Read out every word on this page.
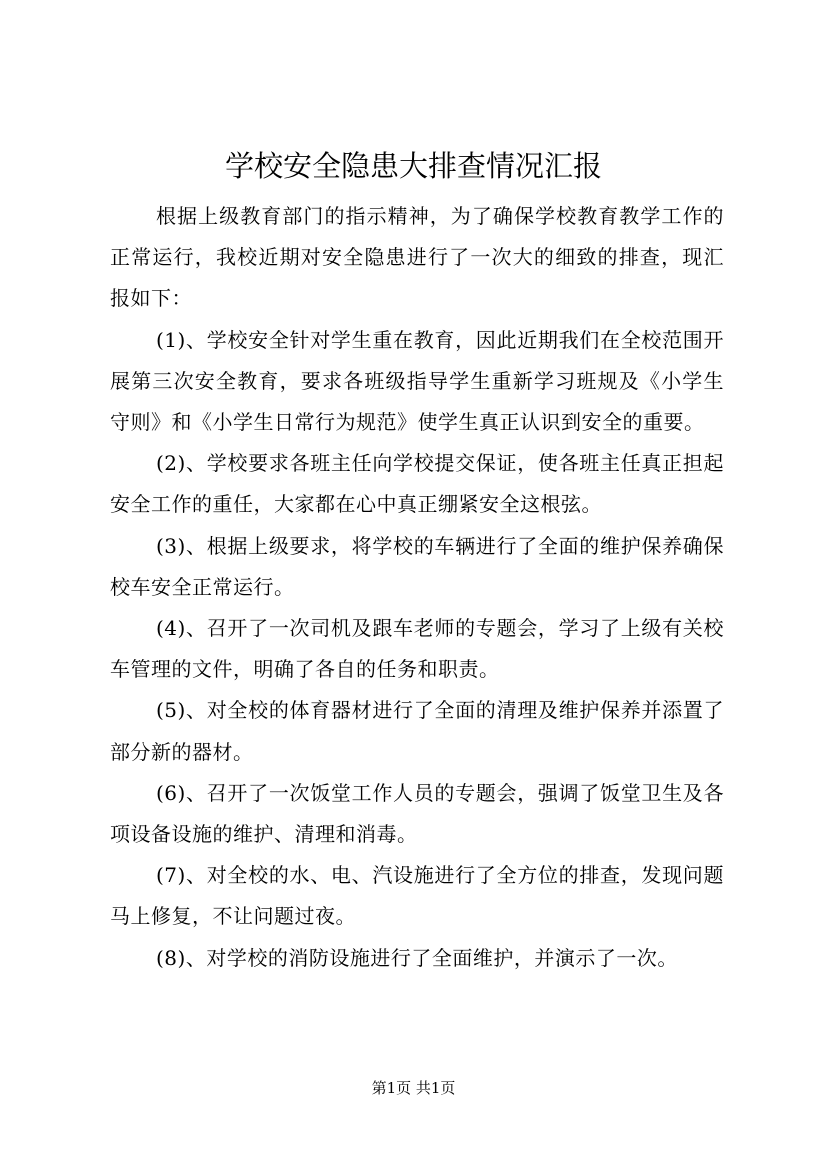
学校安全隐患大排查情况汇报

根据上级教育部门的指示精神，为了确保学校教育教学工作的正常运行，我校近期对安全隐患进行了一次大的细致的排查，现汇报如下：

(1)、学校安全针对学生重在教育，因此近期我们在全校范围开展第三次安全教育，要求各班级指导学生重新学习班规及《小学生守则》和《小学生日常行为规范》使学生真正认识到安全的重要。

(2)、学校要求各班主任向学校提交保证，使各班主任真正担起安全工作的重任，大家都在心中真正绷紧安全这根弦。

(3)、根据上级要求，将学校的车辆进行了全面的维护保养确保校车安全正常运行。

(4)、召开了一次司机及跟车老师的专题会，学习了上级有关校车管理的文件，明确了各自的任务和职责。

(5)、对全校的体育器材进行了全面的清理及维护保养并添置了部分新的器材。

(6)、召开了一次饭堂工作人员的专题会，强调了饭堂卫生及各项设备设施的维护、清理和消毒。

(7)、对全校的水、电、汽设施进行了全方位的排查，发现问题马上修复，不让问题过夜。

(8)、对学校的消防设施进行了全面维护，并演示了一次。

第1页 共1页
